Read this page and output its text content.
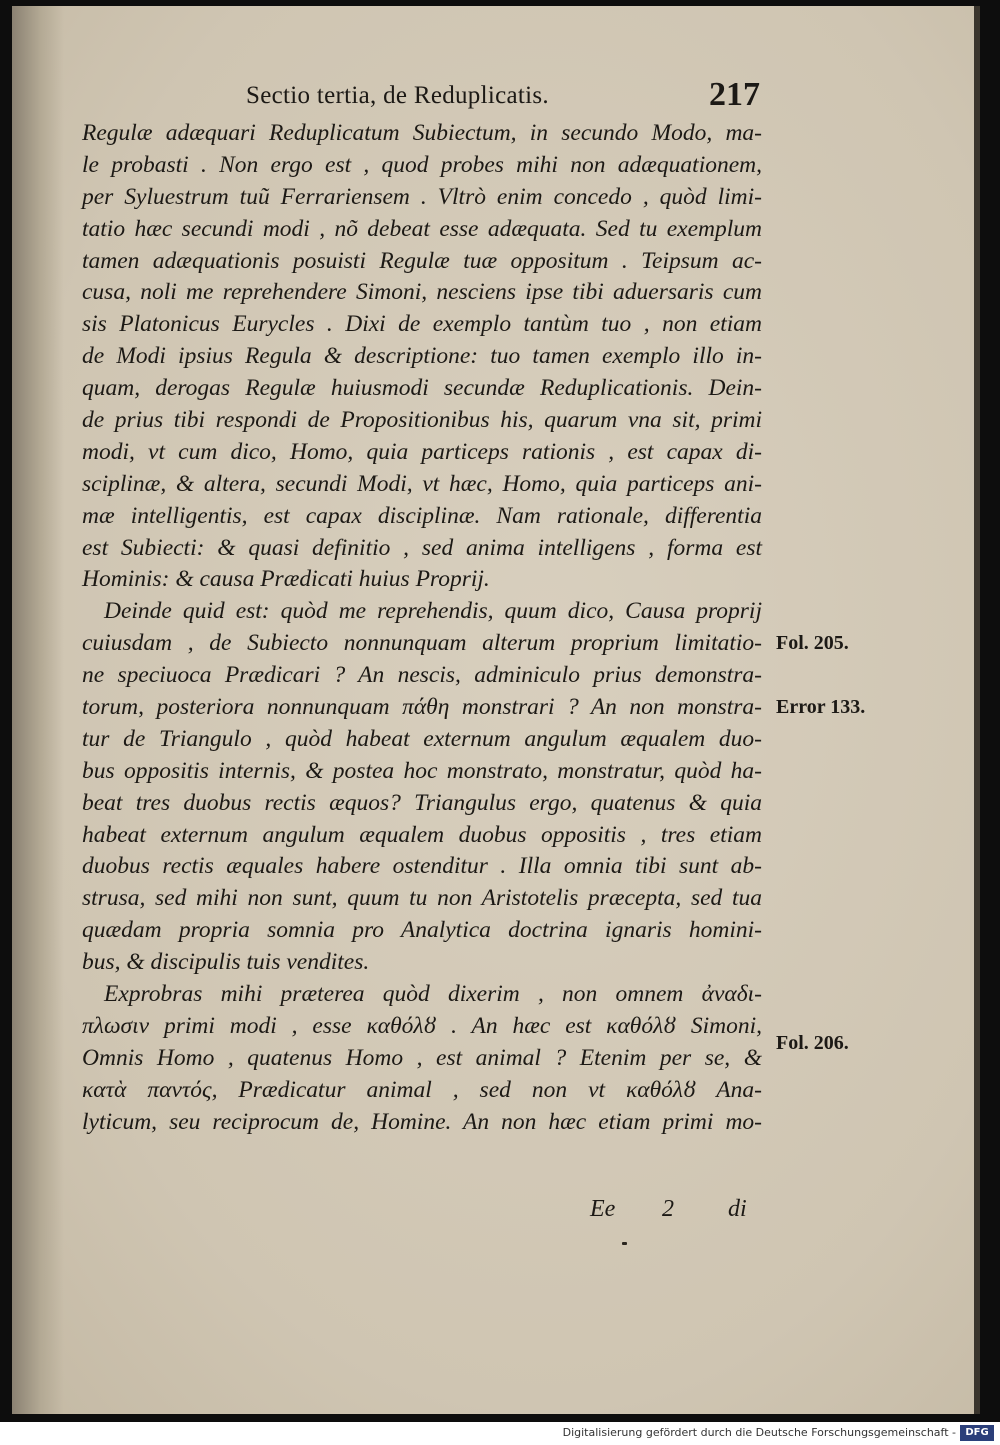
Sectio tertia, de Reduplicatis.	217
Regulæ adæquari Reduplicatum Subiectum, in secundo Modo, ma-
le probasti . Non ergo est , quod probes mihi non adæquationem,
per Syluestrum tuũ Ferrariensem . Vltrò enim concedo , quòd limi-
tatio hæc secundi modi , nõ debeat esse adæquata. Sed tu exemplum
tamen adæquationis posuisti Regulæ tuæ oppositum . Teipsum ac-
cusa, noli me reprehendere Simoni, nesciens ipse tibi aduersaris cum
sis Platonicus Eurycles . Dixi de exemplo tantùm tuo , non etiam
de Modi ipsius Regula & descriptione: tuo tamen exemplo illo in-
quam, derogas Regulæ huiusmodi secundæ Reduplicationis. Dein-
de prius tibi respondi de Propositionibus his, quarum vna sit, primi
modi, vt cum dico, Homo, quia particeps rationis , est capax di-
sciplinæ, & altera, secundi Modi, vt hæc, Homo, quia particeps ani-
mæ intelligentis, est capax disciplinæ. Nam rationale, differentia
est Subiecti: & quasi definitio , sed anima intelligens , forma est
Hominis: & causa Prædicati huius Proprij.
Deinde quid est: quòd me reprehendis, quum dico, Causa proprij
cuiusdam , de Subiecto nonnunquam alterum proprium limitatio-
ne speciuoca Prædicari ? An nescis, adminiculo prius demonstra-
torum, posteriora nonnunquam πάθη monstrari ? An non monstra-
tur de Triangulo , quòd habeat externum angulum æqualem duo-
bus oppositis internis, & postea hoc monstrato, monstratur, quòd ha-
beat tres duobus rectis æquos? Triangulus ergo, quatenus & quia
habeat externum angulum æqualem duobus oppositis , tres etiam
duobus rectis æquales habere ostenditur . Illa omnia tibi sunt ab-
strusa, sed mihi non sunt, quum tu non Aristotelis præcepta, sed tua
quædam propria somnia pro Analytica doctrina ignaris homini-
bus, & discipulis tuis vendites.
Exprobras mihi præterea quòd dixerim , non omnem ἀναδι-
πλωσιν primi modi , esse καθόλȣ . An hæc est καθόλȣ Simoni,
Omnis Homo , quatenus Homo , est animal ? Etenim per se, &
κατὰ παντός, Prædicatur animal , sed non vt καθόλȣ Ana-
lyticum, seu reciprocum de, Homine. An non hæc etiam primi mo-
Fol. 205.
Error 133.
Fol. 206.
Ee 2 di
Digitalisierung gefördert durch die Deutsche Forschungsgemeinschaft - DFG
